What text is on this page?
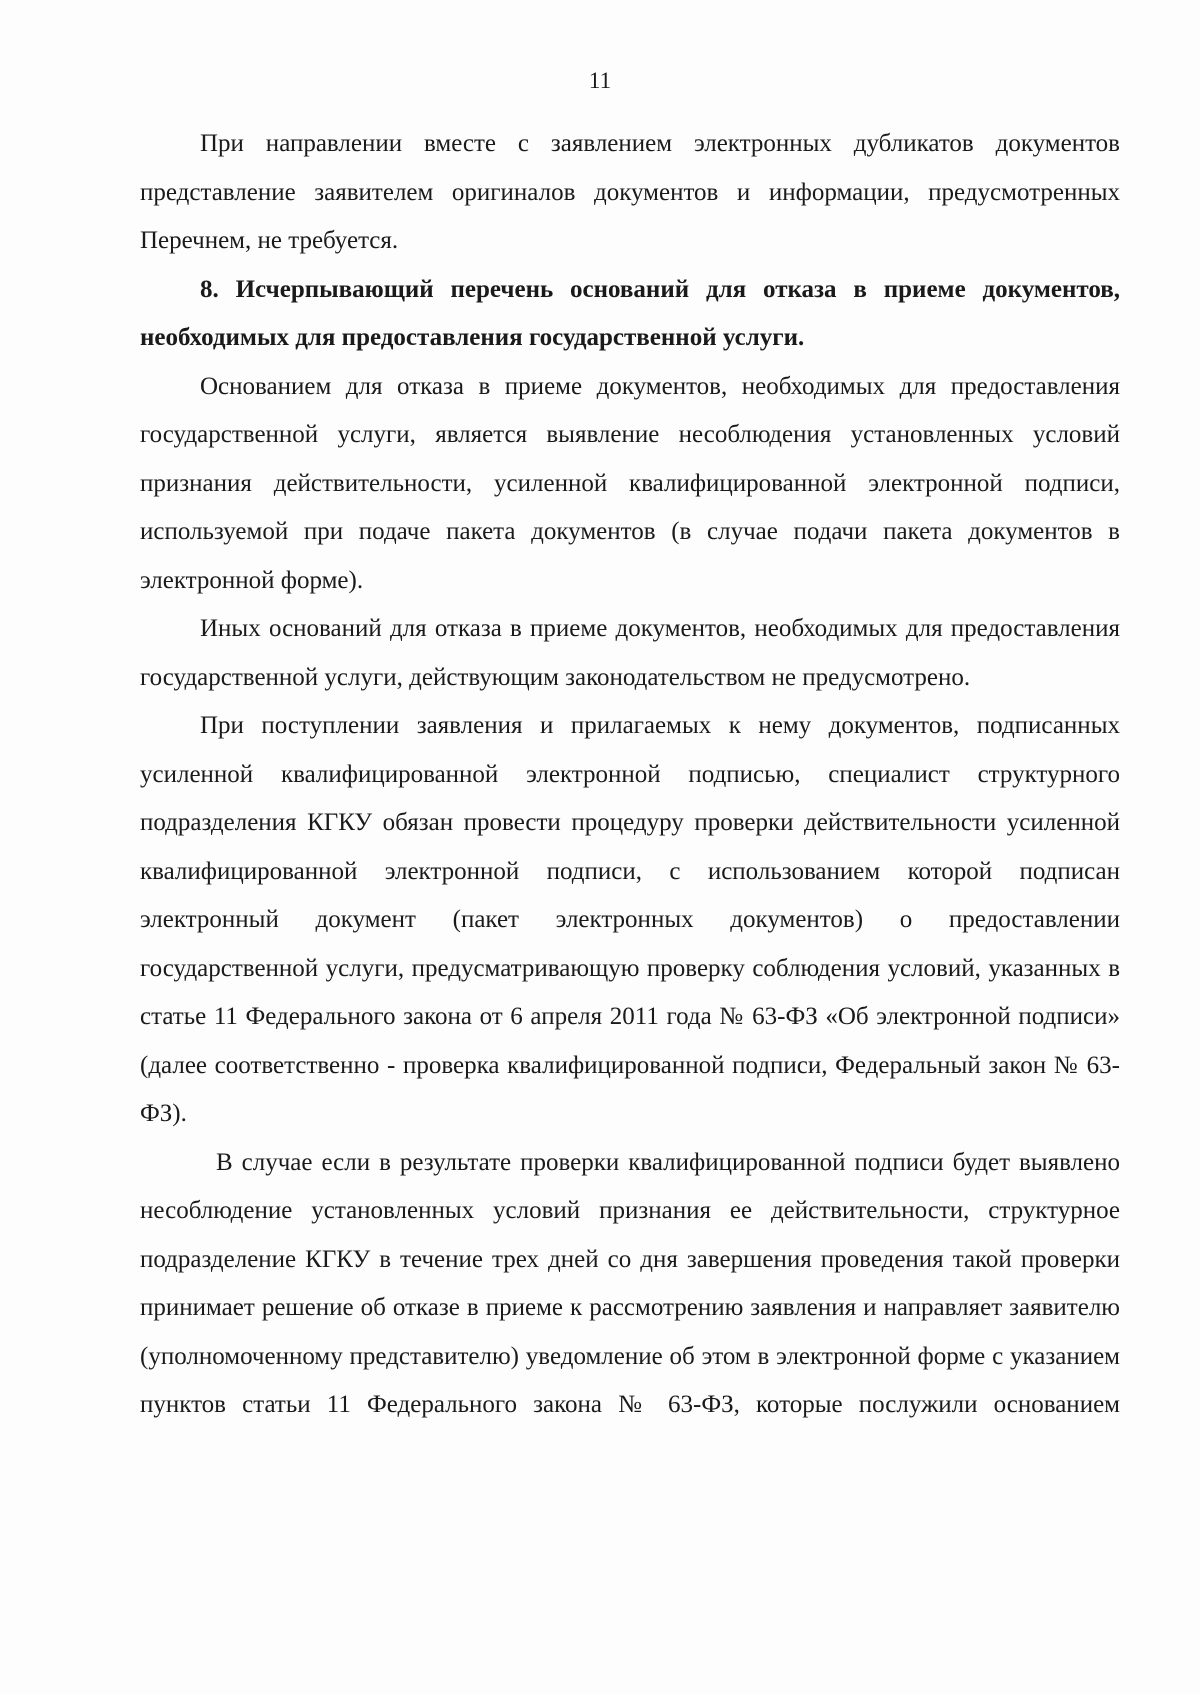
11

При направлении вместе с заявлением электронных дубликатов документов представление заявителем оригиналов документов и информации, предусмотренных Перечнем, не требуется.

8. Исчерпывающий перечень оснований для отказа в приеме документов, необходимых для предоставления государственной услуги.

Основанием для отказа в приеме документов, необходимых для предоставления государственной услуги, является выявление несоблюдения установленных условий признания действительности, усиленной квалифицированной электронной подписи, используемой при подаче пакета документов (в случае подачи пакета документов в электронной форме).

Иных оснований для отказа в приеме документов, необходимых для предоставления государственной услуги, действующим законодательством не предусмотрено.

При поступлении заявления и прилагаемых к нему документов, подписанных усиленной квалифицированной электронной подписью, специалист структурного подразделения КГКУ обязан провести процедуру проверки действительности усиленной квалифицированной электронной подписи, с использованием которой подписан электронный документ (пакет электронных документов) о предоставлении государственной услуги, предусматривающую проверку соблюдения условий, указанных в статье 11 Федерального закона от 6 апреля 2011 года № 63-ФЗ «Об электронной подписи» (далее соответственно - проверка квалифицированной подписи, Федеральный закон № 63-ФЗ).

В случае если в результате проверки квалифицированной подписи будет выявлено несоблюдение установленных условий признания ее действительности, структурное подразделение КГКУ в течение трех дней со дня завершения проведения такой проверки принимает решение об отказе в приеме к рассмотрению заявления и направляет заявителю (уполномоченному представителю) уведомление об этом в электронной форме с указанием пунктов статьи 11 Федерального закона № 63-ФЗ, которые послужили основанием
